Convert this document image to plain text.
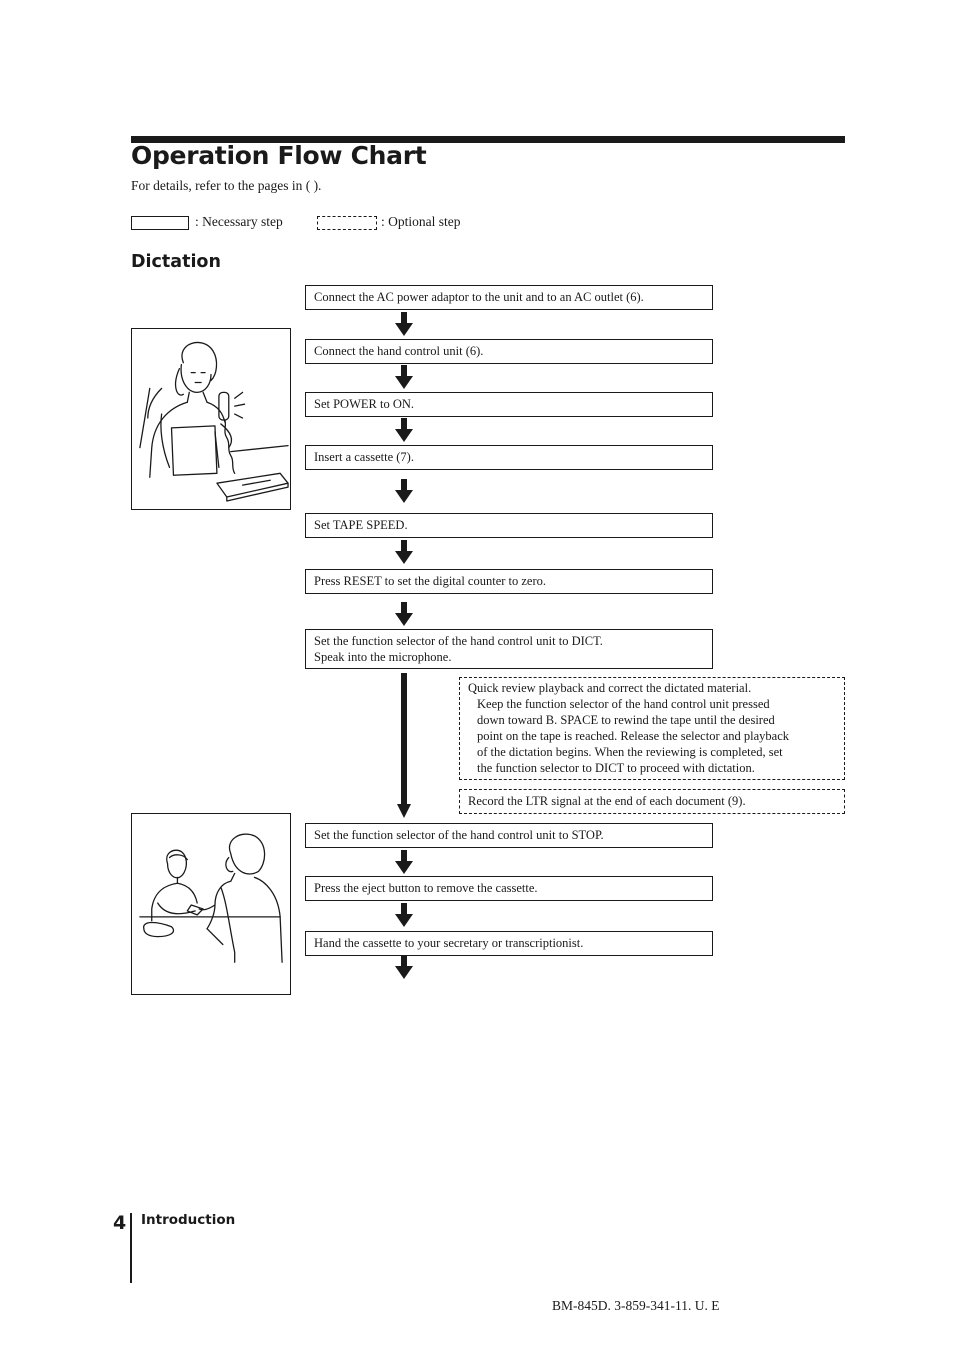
Operation Flow Chart
For details, refer to the pages in ( ).
: Necessary step	: Optional step
Dictation
Connect the AC power adaptor to the unit and to an AC outlet (6).
Connect the hand control unit (6).
Set POWER to ON.
Insert a cassette (7).
Set TAPE SPEED.
Press RESET to set the digital counter to zero.
Set the function selector of the hand control unit to DICT.
Speak into the microphone.
Quick review playback and correct the dictated material.
Keep the function selector of the hand control unit pressed
down toward B. SPACE to rewind the tape until the desired
point on the tape is reached. Release the selector and playback
of the dictation begins. When the reviewing is completed, set
the function selector to DICT to proceed with dictation.
Record the LTR signal at the end of each document (9).
Set the function selector of the hand control unit to STOP.
Press the eject button to remove the cassette.
Hand the cassette to your secretary or transcriptionist.
4 Introduction
BM-845D. 3-859-341-11. U. E
